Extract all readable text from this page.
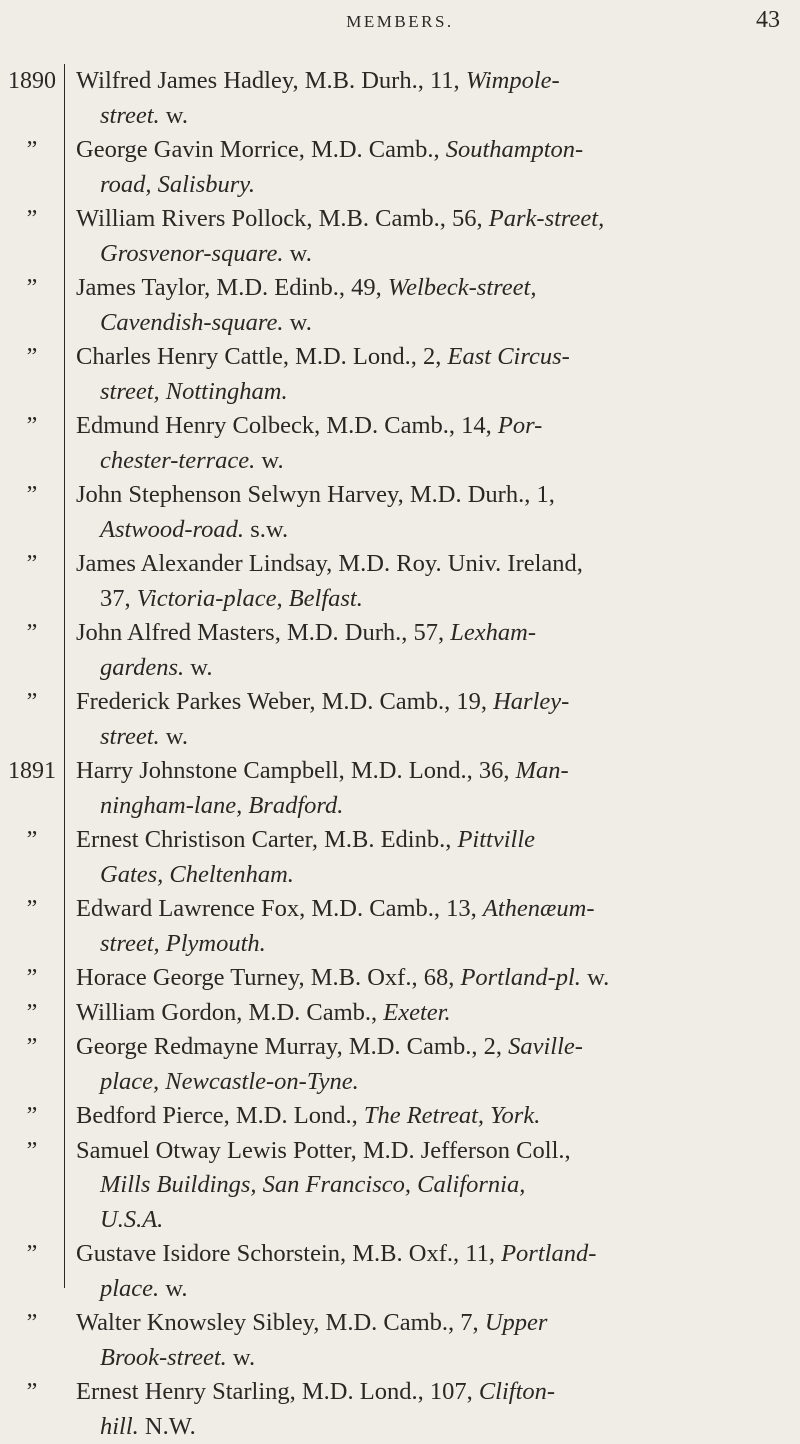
MEMBERS.	43
1890 Wilfred James Hadley, M.B. Durh., 11, Wimpole-
street. w.
”	George Gavin Morrice, M.D. Camb., Southampton-
road, Salisbury.
”	William Rivers Pollock, M.B. Camb., 56, Park-street,
Grosvenor-square. w.
”	James Taylor, M.D. Edinb., 49, Welbeck-street,
Cavendish-square. w.
”	Charles Henry Cattle, M.D. Lond., 2, East Circus-
street, Nottingham.
”	Edmund Henry Colbeck, M.D. Camb., 14, Por-
chester-terrace. w.
”	John Stephenson Selwyn Harvey, M.D. Durh., 1,
Astwood-road. s.w.
”	James Alexander Lindsay, M.D. Roy. Univ. Ireland,
37, Victoria-place, Belfast.
”	John Alfred Masters, M.D. Durh., 57, Lexham-
gardens. w.
”	Frederick Parkes Weber, M.D. Camb., 19, Harley-
street. w.
1891 Harry Johnstone Campbell, M.D. Lond., 36, Man-
ningham-lane, Bradford.
”	Ernest Christison Carter, M.B. Edinb., Pittville
Gates, Cheltenham.
”	Edward Lawrence Fox, M.D. Camb., 13, Athenæum-
street, Plymouth.
”	Horace George Turney, M.B. Oxf., 68, Portland-pl. w.
”	William Gordon, M.D. Camb., Exeter.
”	George Redmayne Murray, M.D. Camb., 2, Saville-
place, Newcastle-on-Tyne.
”	Bedford Pierce, M.D. Lond., The Retreat, York.
”	Samuel Otway Lewis Potter, M.D. Jefferson Coll.,
Mills Buildings, San Francisco, California,
U.S.A.
”	Gustave Isidore Schorstein, M.B. Oxf., 11, Portland-
place. w.
”	Walter Knowsley Sibley, M.D. Camb., 7, Upper
Brook-street. w.
”	Ernest Henry Starling, M.D. Lond., 107, Clifton-
hill. N.W.
